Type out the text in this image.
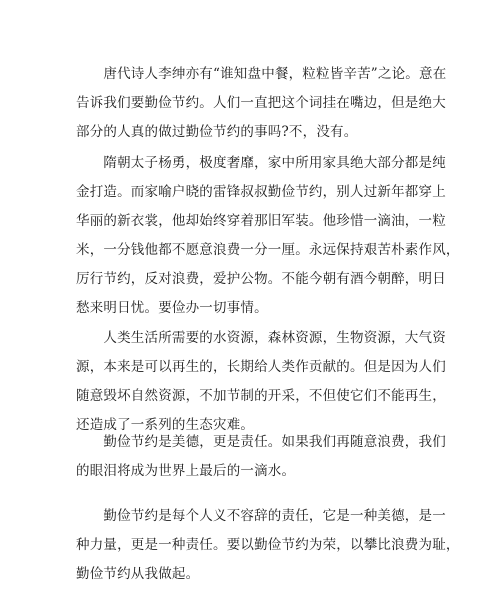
　　唐代诗人李绅亦有“谁知盘中餐，粒粒皆辛苦”之论。意在
告诉我们要勤俭节约。人们一直把这个词挂在嘴边，但是绝大
部分的人真的做过勤俭节约的事吗?不，没有。
　　隋朝太子杨勇，极度奢靡，家中所用家具绝大部分都是纯
金打造。而家喻户晓的雷锋叔叔勤俭节约，别人过新年都穿上
华丽的新衣裳，他却始终穿着那旧军装。他珍惜一滴油，一粒
米，一分钱他都不愿意浪费一分一厘。永远保持艰苦朴素作风，
厉行节约，反对浪费，爱护公物。不能今朝有酒今朝醉，明日
愁来明日忧。要俭办一切事情。
　　人类生活所需要的水资源，森林资源，生物资源，大气资
源，本来是可以再生的，长期给人类作贡献的。但是因为人们
随意毁坏自然资源，不加节制的开采，不但使它们不能再生，
还造成了一系列的生态灾难。
　　勤俭节约是美德，更是责任。如果我们再随意浪费，我们
的眼泪将成为世界上最后的一滴水。
　　勤俭节约是每个人义不容辞的责任，它是一种美德，是一
种力量，更是一种责任。要以勤俭节约为荣，以攀比浪费为耻，
勤俭节约从我做起。
